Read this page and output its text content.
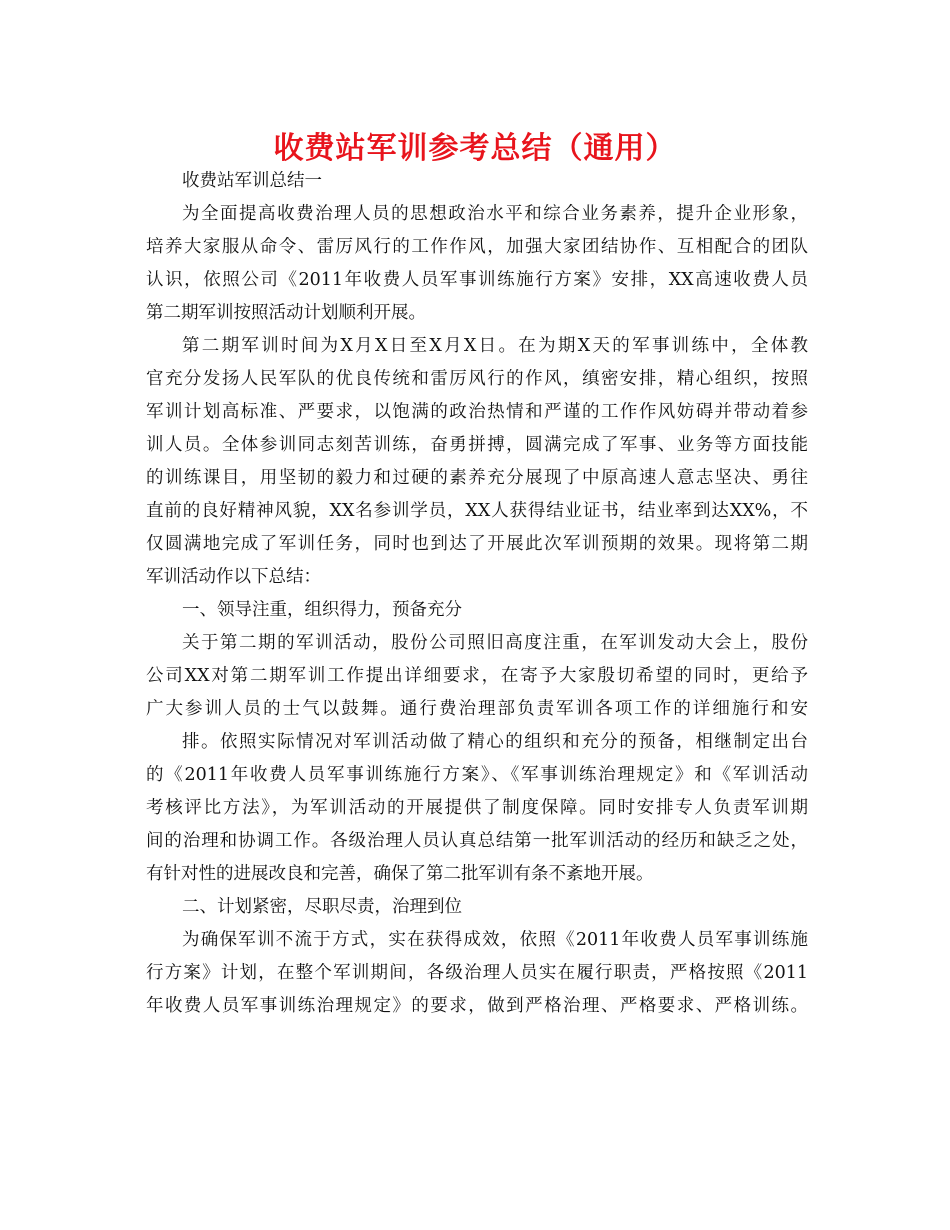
收费站军训参考总结（通用）
收费站军训总结一
为全面提高收费治理人员的思想政治水平和综合业务素养，提升企业形象，
培养大家服从命令、雷厉风行的工作作风，加强大家团结协作、互相配合的团队
认识，依照公司《2011年收费人员军事训练施行方案》安排，XX高速收费人员
第二期军训按照活动计划顺利开展。
第二期军训时间为X月X日至X月X日。在为期X天的军事训练中，全体教
官充分发扬人民军队的优良传统和雷厉风行的作风，缜密安排，精心组织，按照
军训计划高标准、严要求，以饱满的政治热情和严谨的工作作风妨碍并带动着参
训人员。全体参训同志刻苦训练，奋勇拼搏，圆满完成了军事、业务等方面技能
的训练课目，用坚韧的毅力和过硬的素养充分展现了中原高速人意志坚决、勇往
直前的良好精神风貌，XX名参训学员，XX人获得结业证书，结业率到达XX%，不
仅圆满地完成了军训任务，同时也到达了开展此次军训预期的效果。现将第二期
军训活动作以下总结：
一、领导注重，组织得力，预备充分
关于第二期的军训活动，股份公司照旧高度注重，在军训发动大会上，股份
公司XX对第二期军训工作提出详细要求，在寄予大家殷切希望的同时，更给予
广大参训人员的士气以鼓舞。通行费治理部负责军训各项工作的详细施行和安
排。依照实际情况对军训活动做了精心的组织和充分的预备，相继制定出台
的《2011年收费人员军事训练施行方案》、《军事训练治理规定》和《军训活动
考核评比方法》，为军训活动的开展提供了制度保障。同时安排专人负责军训期
间的治理和协调工作。各级治理人员认真总结第一批军训活动的经历和缺乏之处，
有针对性的进展改良和完善，确保了第二批军训有条不紊地开展。
二、计划紧密，尽职尽责，治理到位
为确保军训不流于方式，实在获得成效，依照《2011年收费人员军事训练施
行方案》计划，在整个军训期间，各级治理人员实在履行职责，严格按照《2011
年收费人员军事训练治理规定》的要求，做到严格治理、严格要求、严格训练。
